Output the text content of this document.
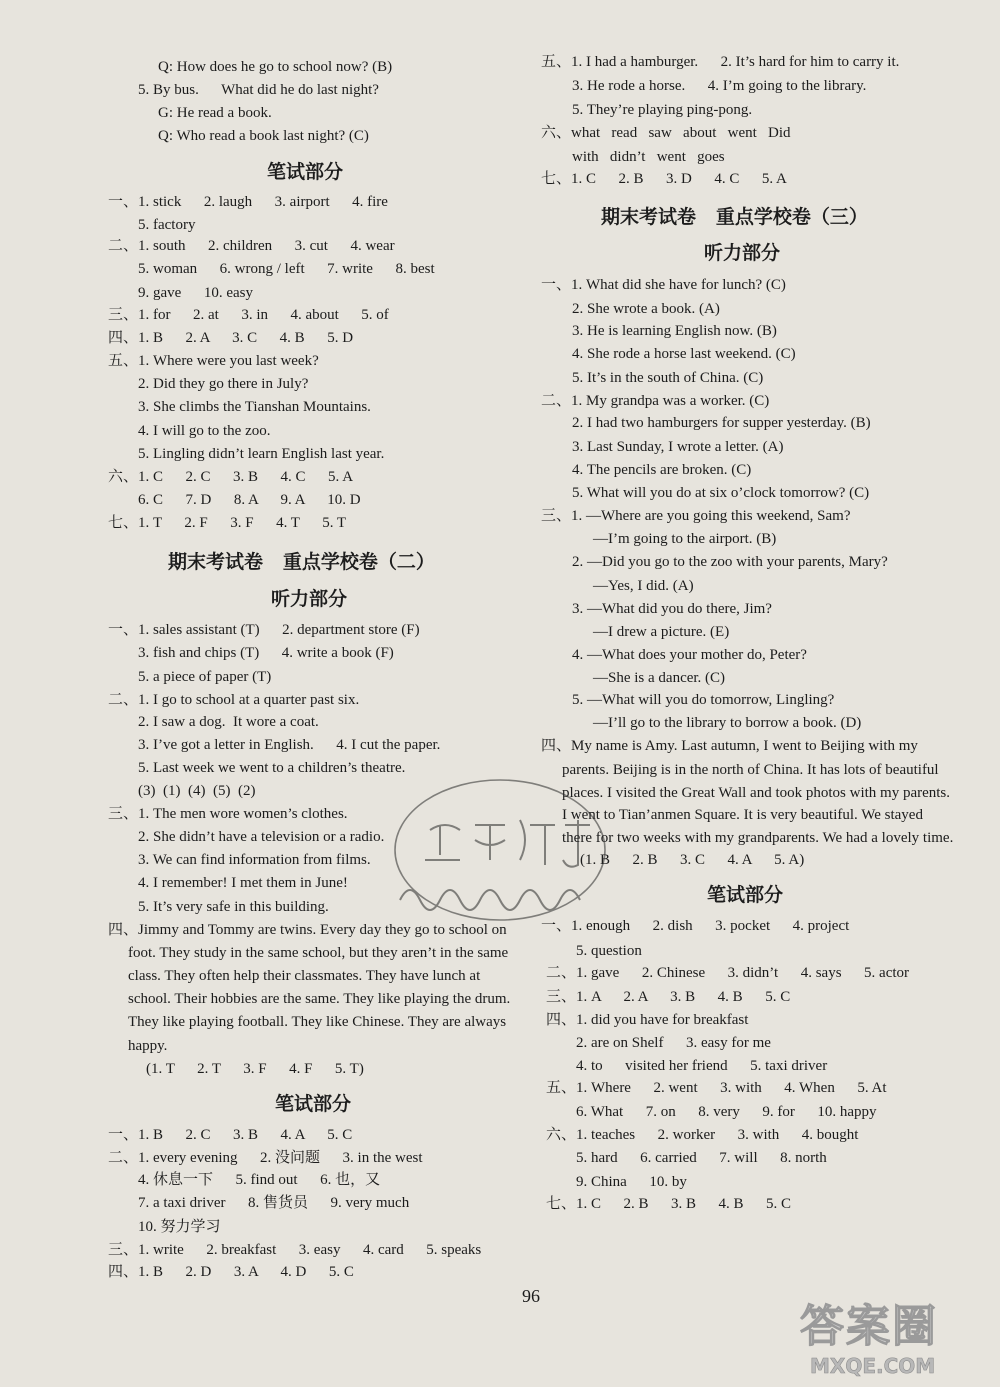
Q: How does he go to school now? (B)
5. By bus.      What did he do last night?
G: He read a book.
Q: Who read a book last night? (C)
一、1. stick      2. laugh      3. airport      4. fire
5. factory
二、1. south      2. children      3. cut      4. wear
5. woman      6. wrong / left      7. write      8. best
9. gave      10. easy
三、1. for      2. at      3. in      4. about      5. of
四、1. B      2. A      3. C      4. B      5. D
五、1. Where were you last week?
2. Did they go there in July?
3. She climbs the Tianshan Mountains.
4. I will go to the zoo.
5. Lingling didn’t learn English last year.
六、1. C      2. C      3. B      4. C      5. A
6. C      7. D      8. A      9. A      10. D
七、1. T      2. F      3. F      4. T      5. T
一、1. sales assistant (T)      2. department store (F)
3. fish and chips (T)      4. write a book (F)
5. a piece of paper (T)
二、1. I go to school at a quarter past six.
2. I saw a dog.  It wore a coat.
3. I’ve got a letter in English.      4. I cut the paper.
5. Last week we went to a children’s theatre.
(3)  (1)  (4)  (5)  (2)
三、1. The men wore women’s clothes.
2. She didn’t have a television or a radio.
3. We can find information from films.
4. I remember! I met them in June!
5. It’s very safe in this building.
四、Jimmy and Tommy are twins. Every day they go to school on
foot. They study in the same school, but they aren’t in the same
class. They often help their classmates. They have lunch at
school. Their hobbies are the same. They like playing the drum.
They like playing football. They like Chinese. They are always
happy.
(1. T      2. T      3. F      4. F      5. T)
一、1. B      2. C      3. B      4. A      5. C
二、1. every evening      2. 没问题      3. in the west
4. 休息一下      5. find out      6. 也，又
7. a taxi driver      8. 售货员      9. very much
10. 努力学习
三、1. write      2. breakfast      3. easy      4. card      5. speaks
四、1. B      2. D      3. A      4. D      5. C
笔试部分
期末考试卷   重点学校卷（二）
听力部分
笔试部分
五、1. I had a hamburger.      2. It’s hard for him to carry it.
3. He rode a horse.      4. I’m going to the library.
5. They’re playing ping-pong.
六、what   read   saw   about   went   Did
with   didn’t   went   goes
七、1. C      2. B      3. D      4. C      5. A
一、1. What did she have for lunch? (C)
2. She wrote a book. (A)
3. He is learning English now. (B)
4. She rode a horse last weekend. (C)
5. It’s in the south of China. (C)
二、1. My grandpa was a worker. (C)
2. I had two hamburgers for supper yesterday. (B)
3. Last Sunday, I wrote a letter. (A)
4. The pencils are broken. (C)
5. What will you do at six o’clock tomorrow? (C)
三、1. —Where are you going this weekend, Sam?
—I’m going to the airport. (B)
2. —Did you go to the zoo with your parents, Mary?
—Yes, I did. (A)
3. —What did you do there, Jim?
—I drew a picture. (E)
4. —What does your mother do, Peter?
—She is a dancer. (C)
5. —What will you do tomorrow, Lingling?
—I’ll go to the library to borrow a book. (D)
四、My name is Amy. Last autumn, I went to Beijing with my
parents. Beijing is in the north of China. It has lots of beautiful
places. I visited the Great Wall and took photos with my parents.
I went to Tian’anmen Square. It is very beautiful. We stayed
there for two weeks with my grandparents. We had a lovely time.
(1. B      2. B      3. C      4. A      5. A)
一、1. enough      2. dish      3. pocket      4. project
5. question
二、1. gave      2. Chinese      3. didn’t      4. says      5. actor
三、1. A      2. A      3. B      4. B      5. C
四、1. did you have for breakfast
2. are on Shelf      3. easy for me
4. to      visited her friend      5. taxi driver
五、1. Where      2. went      3. with      4. When      5. At
6. What      7. on      8. very      9. for      10. happy
六、1. teaches      2. worker      3. with      4. bought
5. hard      6. carried      7. will      8. north
9. China      10. by
七、1. C      2. B      3. B      4. B      5. C
期末考试卷   重点学校卷（三）
听力部分
笔试部分
96
答案圈
MXQE.COM
